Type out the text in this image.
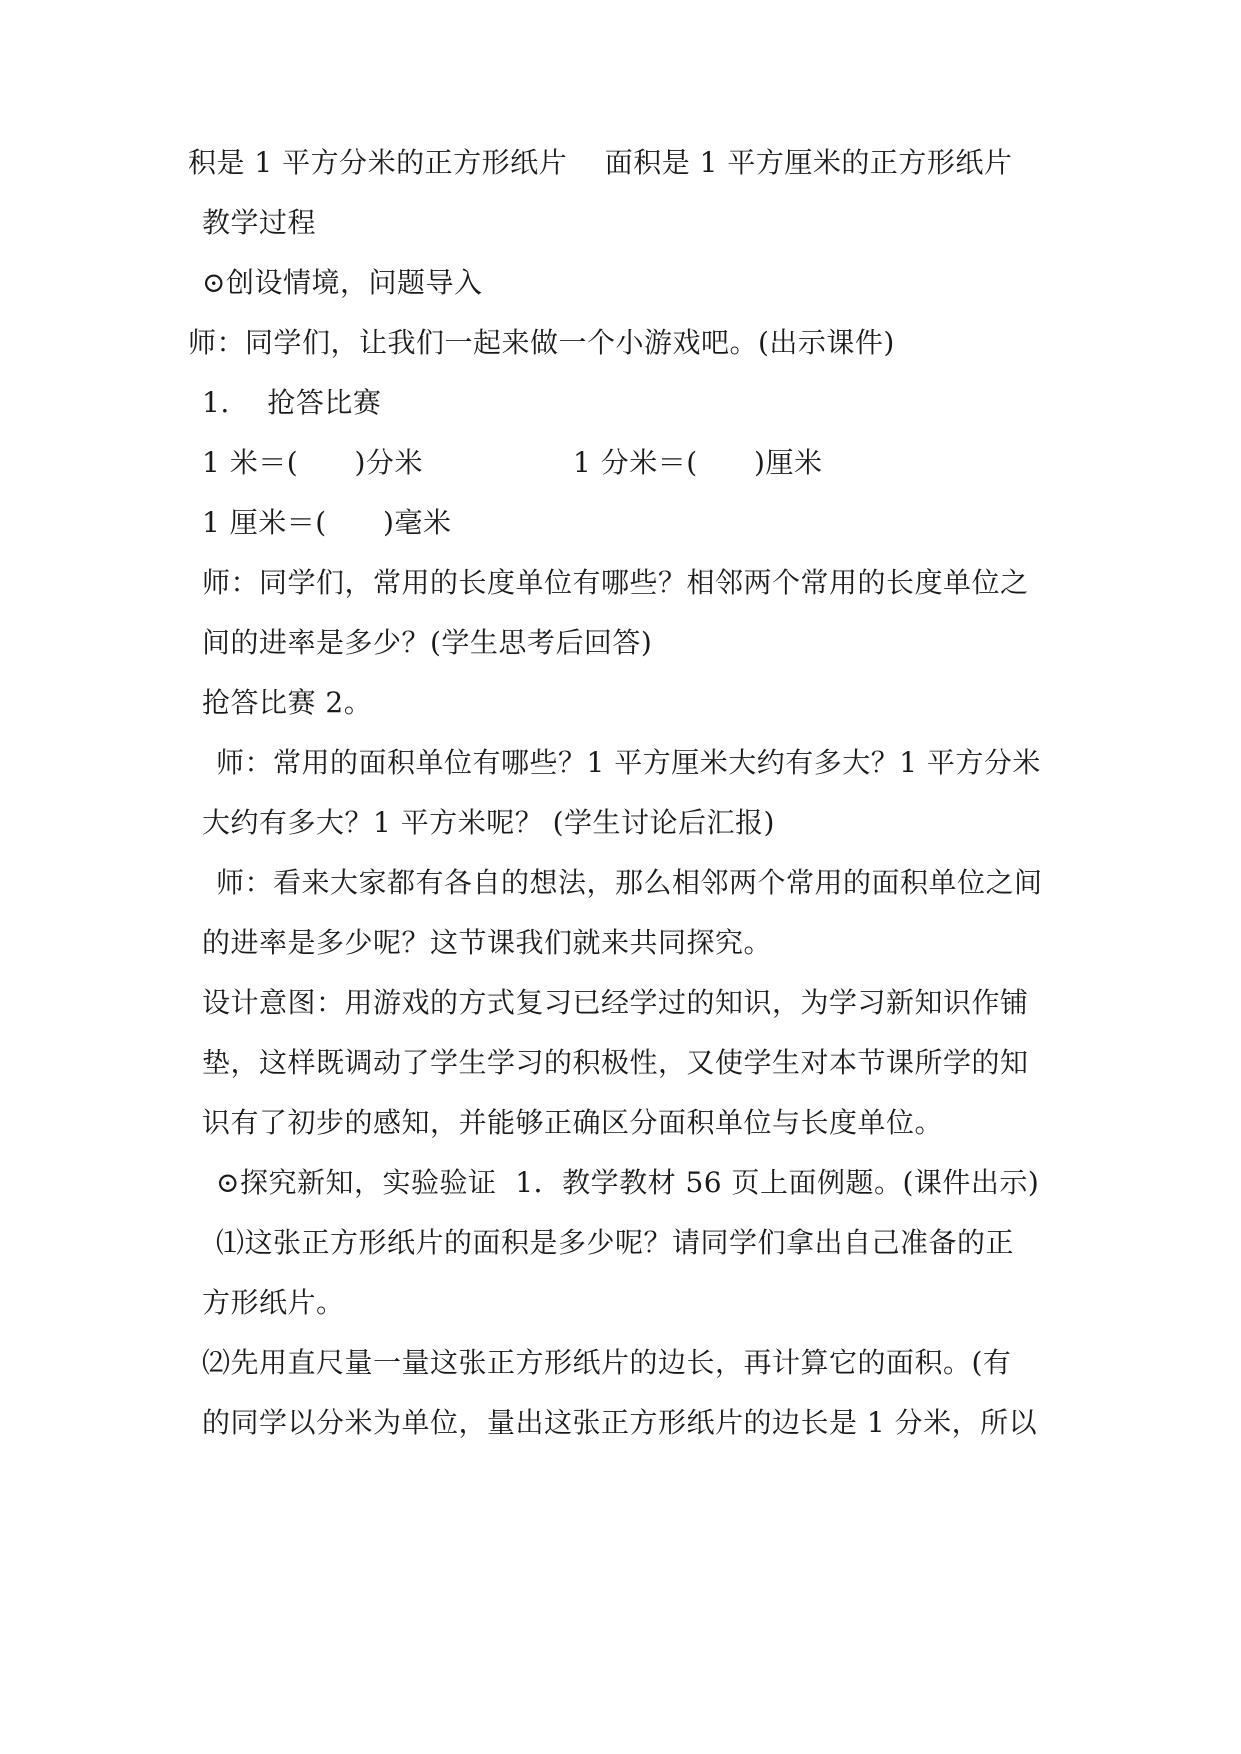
积是 1 平方分米的正方形纸片    面积是 1 平方厘米的正方形纸片
教学过程
⊙创设情境，问题导入
师：同学们，让我们一起来做一个小游戏吧。(出示课件)
1.    抢答比赛
1 米＝(      )分米	1 分米＝(      )厘米
1 厘米＝(      )毫米
师：同学们，常用的长度单位有哪些？相邻两个常用的长度单位之
间的进率是多少？(学生思考后回答)
抢答比赛 2。
师：常用的面积单位有哪些？1 平方厘米大约有多大？1 平方分米
大约有多大？1 平方米呢？ (学生讨论后汇报)
师：看来大家都有各自的想法，那么相邻两个常用的面积单位之间
的进率是多少呢？这节课我们就来共同探究。
设计意图：用游戏的方式复习已经学过的知识，为学习新知识作铺
垫，这样既调动了学生学习的积极性，又使学生对本节课所学的知
识有了初步的感知，并能够正确区分面积单位与长度单位。
⊙探究新知，实验验证  1．教学教材 56 页上面例题。(课件出示)
⑴这张正方形纸片的面积是多少呢？请同学们拿出自己准备的正
方形纸片。
⑵先用直尺量一量这张正方形纸片的边长，再计算它的面积。(有
的同学以分米为单位，量出这张正方形纸片的边长是 1 分米，所以
